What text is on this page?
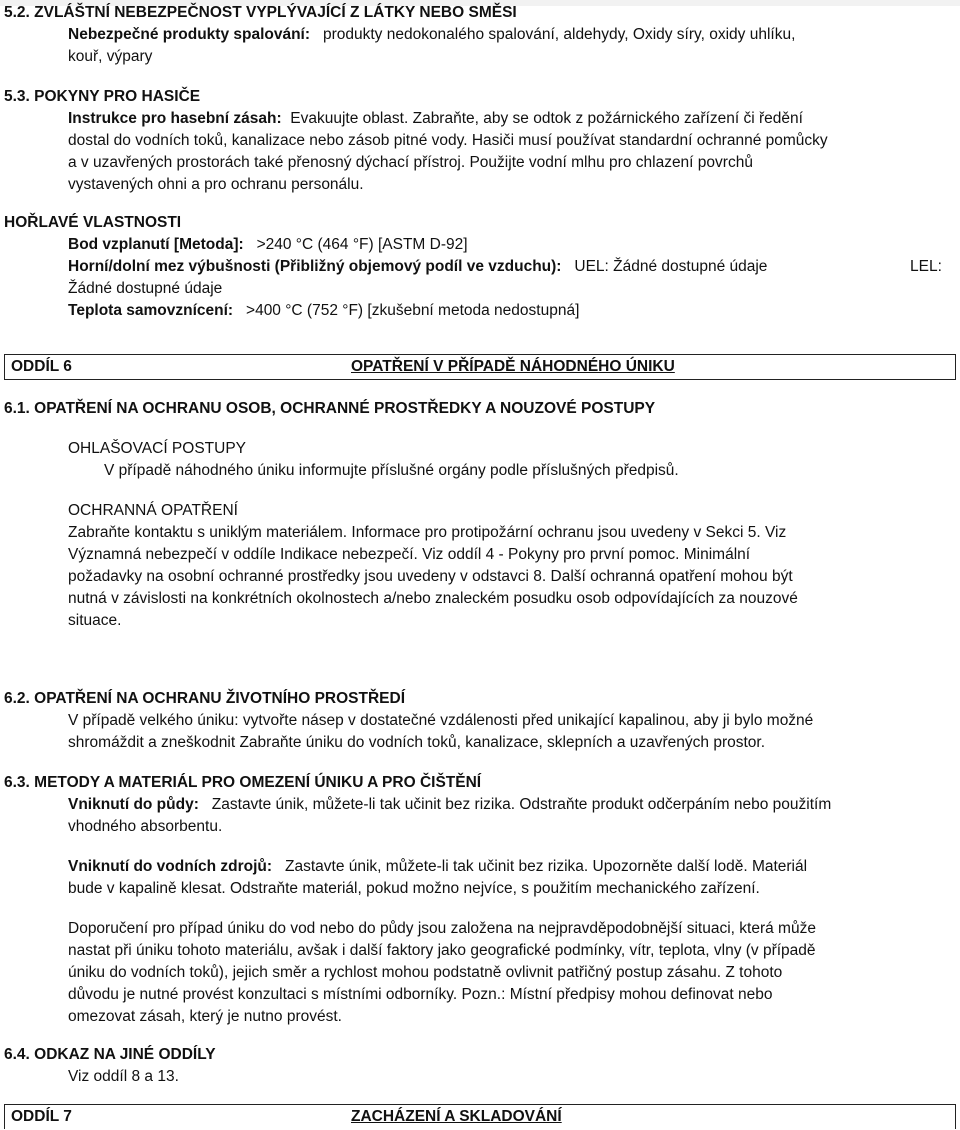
5.2. ZVLÁŠTNÍ NEBEZPEČNOST VYPLÝVAJÍCÍ Z LÁTKY NEBO SMĚSI
Nebezpečné produkty spalování: produkty nedokonalého spalování, aldehydy, Oxidy síry, oxidy uhlíku,
kouř, výpary
5.3. POKYNY PRO HASIČE
Instrukce pro hasební zásah: Evakuujte oblast. Zabraňte, aby se odtok z požárnického zařízení či ředění
dostal do vodních toků, kanalizace nebo zásob pitné vody. Hasiči musí používat standardní ochranné pomůcky
a v uzavřených prostorách také přenosný dýchací přístroj. Použijte vodní mlhu pro chlazení povrchů
vystavených ohni a pro ochranu personálu.
HOŘLAVÉ VLASTNOSTI
Bod vzplanutí [Metoda]: >240 °C (464 °F) [ASTM D-92]
Horní/dolní mez výbušnosti (Přibližný objemový podíl ve vzduchu): UEL: Žádné dostupné údaje	LEL:
Žádné dostupné údaje
Teplota samovznícení: >400 °C (752 °F) [zkušební metoda nedostupná]
ODDÍL 6	OPATŘENÍ V PŘÍPADĚ NÁHODNÉHO ÚNIKU
6.1. OPATŘENÍ NA OCHRANU OSOB, OCHRANNÉ PROSTŘEDKY A NOUZOVÉ POSTUPY
OHLAŠOVACÍ POSTUPY
V případě náhodného úniku informujte příslušné orgány podle příslušných předpisů.
OCHRANNÁ OPATŘENÍ
Zabraňte kontaktu s uniklým materiálem. Informace pro protipožární ochranu jsou uvedeny v Sekci 5. Viz
Významná nebezpečí v oddíle Indikace nebezpečí. Viz oddíl 4 - Pokyny pro první pomoc. Minimální
požadavky na osobní ochranné prostředky jsou uvedeny v odstavci 8. Další ochranná opatření mohou být
nutná v závislosti na konkrétních okolnostech a/nebo znaleckém posudku osob odpovídajících za nouzové
situace.
6.2. OPATŘENÍ NA OCHRANU ŽIVOTNÍHO PROSTŘEDÍ
V případě velkého úniku: vytvořte násep v dostatečné vzdálenosti před unikající kapalinou, aby ji bylo možné
shromáždit a zneškodnit Zabraňte úniku do vodních toků, kanalizace, sklepních a uzavřených prostor.
6.3. METODY A MATERIÁL PRO OMEZENÍ ÚNIKU A PRO ČIŠTĚNÍ
Vniknutí do půdy: Zastavte únik, můžete-li tak učinit bez rizika. Odstraňte produkt odčerpáním nebo použitím
vhodného absorbentu.
Vniknutí do vodních zdrojů: Zastavte únik, můžete-li tak učinit bez rizika. Upozorněte další lodě. Materiál
bude v kapalině klesat. Odstraňte materiál, pokud možno nejvíce, s použitím mechanického zařízení.
Doporučení pro případ úniku do vod nebo do půdy jsou založena na nejpravděpodobnější situaci, která může
nastat při úniku tohoto materiálu, avšak i další faktory jako geografické podmínky, vítr, teplota, vlny (v případě
úniku do vodních toků), jejich směr a rychlost mohou podstatně ovlivnit patřičný postup zásahu. Z tohoto
důvodu je nutné provést konzultaci s místními odborníky. Pozn.: Místní předpisy mohou definovat nebo
omezovat zásah, který je nutno provést.
6.4. ODKAZ NA JINÉ ODDÍLY
Viz oddíl 8 a 13.
ODDÍL 7	ZACHÁZENÍ A SKLADOVÁNÍ
